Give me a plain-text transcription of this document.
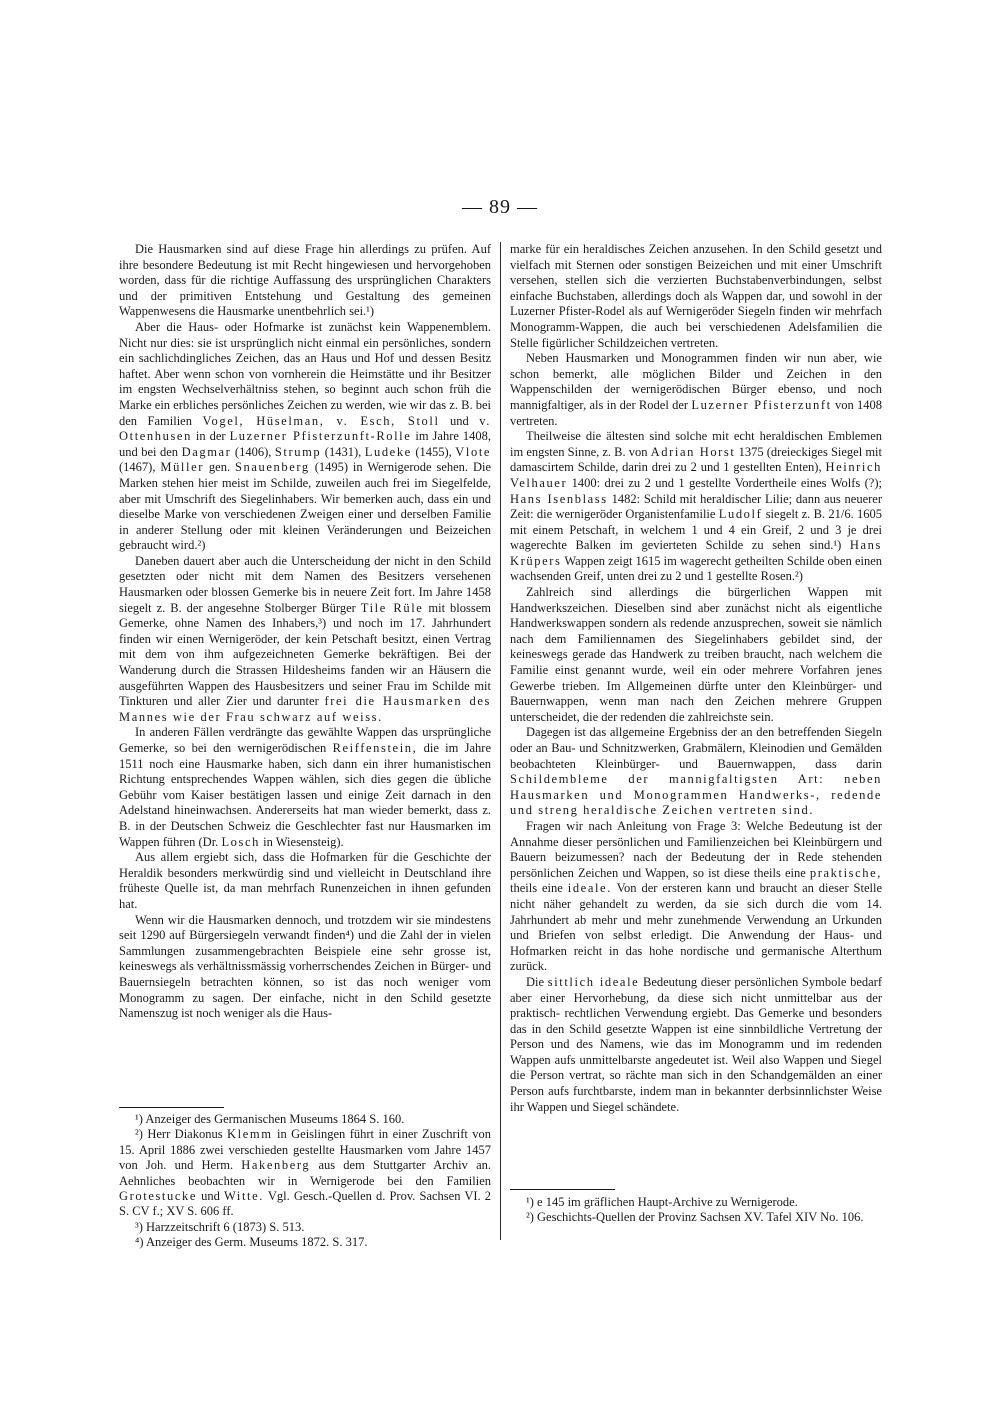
— 89 —

Die Hausmarken sind auf diese Frage hin allerdings zu prüfen. Auf ihre besondere Bedeutung ist mit Recht hingewiesen und hervorgehoben worden, dass für die richtige Auffassung des ursprünglichen Charakters und der primitiven Entstehung und Gestaltung des gemeinen Wappenwesens die Hausmarke unentbehrlich sei.¹)

Aber die Haus- oder Hofmarke ist zunächst kein Wappenemblem. Nicht nur dies: sie ist ursprünglich nicht einmal ein persönliches, sondern ein sachlichdingliches Zeichen, das an Haus und Hof und dessen Besitz haftet. Aber wenn schon von vornherein die Heimstätte und ihr Besitzer im engsten Wechselverhältniss stehen, so beginnt auch schon früh die Marke ein erbliches persönliches Zeichen zu werden, wie wir das z. B. bei den Familien Vogel, Hüselman, v. Esch, Stoll und v. Ottenhusen in der Luzerner Pfisterzunft-Rolle im Jahre 1408, und bei den Dagmar (1406), Strump (1431), Ludeke (1455), Vlote (1467), Müller gen. Snauenberg (1495) in Wernigerode sehen. Die Marken stehen hier meist im Schilde, zuweilen auch frei im Siegelfelde, aber mit Umschrift des Siegelinhabers. Wir bemerken auch, dass ein und dieselbe Marke von verschiedenen Zweigen einer und derselben Familie in anderer Stellung oder mit kleinen Veränderungen und Beizeichen gebraucht wird.²)

Daneben dauert aber auch die Unterscheidung der nicht in den Schild gesetzten oder nicht mit dem Namen des Besitzers versehenen Hausmarken oder blossen Gemerke bis in neuere Zeit fort. Im Jahre 1458 siegelt z. B. der angesehne Stolberger Bürger Tile Rüle mit blossem Gemerke, ohne Namen des Inhabers,³) und noch im 17. Jahrhundert finden wir einen Wernigeröder, der kein Petschaft besitzt, einen Vertrag mit dem von ihm aufgezeichneten Gemerke bekräftigen. Bei der Wanderung durch die Strassen Hildesheims fanden wir an Häusern die ausgeführten Wappen des Hausbesitzers und seiner Frau im Schilde mit Tinkturen und aller Zier und darunter frei die Hausmarken des Mannes wie der Frau schwarz auf weiss.

In anderen Fällen verdrängte das gewählte Wappen das ursprüngliche Gemerke, so bei den wernigerödischen Reiffenstein, die im Jahre 1511 noch eine Hausmarke haben, sich dann ein ihrer humanistischen Richtung entsprechendes Wappen wählen, sich dies gegen die übliche Gebühr vom Kaiser bestätigen lassen und einige Zeit darnach in den Adelstand hineinwachsen. Andererseits hat man wieder bemerkt, dass z. B. in der Deutschen Schweiz die Geschlechter fast nur Hausmarken im Wappen führen (Dr. Losch in Wiesensteig).

Aus allem ergiebt sich, dass die Hofmarken für die Geschichte der Heraldik besonders merkwürdig sind und vielleicht in Deutschland ihre früheste Quelle ist, da man mehrfach Runenzeichen in ihnen gefunden hat.

Wenn wir die Hausmarken dennoch, und trotzdem wir sie mindestens seit 1290 auf Bürgersiegeln verwandt finden⁴) und die Zahl der in vielen Sammlungen zusammengebrachten Beispiele eine sehr grosse ist, keineswegs als verhältnissmässig vorherrschendes Zeichen in Bürger- und Bauernsiegeln betrachten können, so ist das noch weniger vom Monogramm zu sagen. Der einfache, nicht in den Schild gesetzte Namenszug ist noch weniger als die Haus-

marke für ein heraldisches Zeichen anzusehen. In den Schild gesetzt und vielfach mit Sternen oder sonstigen Beizeichen und mit einer Umschrift versehen, stellen sich die verzierten Buchstabenverbindungen, selbst einfache Buchstaben, allerdings doch als Wappen dar, und sowohl in der Luzerner Pfister-Rodel als auf Wernigeröder Siegeln finden wir mehrfach Monogramm-Wappen, die auch bei verschiedenen Adelsfamilien die Stelle figürlicher Schildzeichen vertreten.

Neben Hausmarken und Monogrammen finden wir nun aber, wie schon bemerkt, alle möglichen Bilder und Zeichen in den Wappenschilden der wernigerödischen Bürger ebenso, und noch mannigfaltiger, als in der Rodel der Luzerner Pfisterzunft von 1408 vertreten.

Theilweise die ältesten sind solche mit echt heraldischen Emblemen im engsten Sinne, z. B. von Adrian Horst 1375 (dreieckiges Siegel mit damascirtem Schilde, darin drei zu 2 und 1 gestellten Enten), Heinrich Velhauer 1400: drei zu 2 und 1 gestellte Vordertheile eines Wolfs (?); Hans Isenblass 1482: Schild mit heraldischer Lilie; dann aus neuerer Zeit: die wernigeröder Organistenfamilie Ludolf siegelt z. B. 21/6. 1605 mit einem Petschaft, in welchem 1 und 4 ein Greif, 2 und 3 je drei wagerechte Balken im gevierteten Schilde zu sehen sind.¹) Hans Krüpers Wappen zeigt 1615 im wagerecht getheilten Schilde oben einen wachsenden Greif, unten drei zu 2 und 1 gestellte Rosen.²)

Zahlreich sind allerdings die bürgerlichen Wappen mit Handwerkszeichen. Dieselben sind aber zunächst nicht als eigentliche Handwerkswappen sondern als redende anzusprechen, soweit sie nämlich nach dem Familiennamen des Siegelinhabers gebildet sind, der keineswegs gerade das Handwerk zu treiben braucht, nach welchem die Familie einst genannt wurde, weil ein oder mehrere Vorfahren jenes Gewerbe trieben. Im Allgemeinen dürfte unter den Kleinbürger- und Bauernwappen, wenn man nach den Zeichen mehrere Gruppen unterscheidet, die der redenden die zahlreichste sein.

Dagegen ist das allgemeine Ergebniss der an den betreffenden Siegeln oder an Bau- und Schnitzwerken, Grabmälern, Kleinodien und Gemälden beobachteten Kleinbürger- und Bauernwappen, dass darin Schildembleme der mannigfaltigsten Art: neben Hausmarken und Monogrammen Handwerks-, redende und streng heraldische Zeichen vertreten sind.

Fragen wir nach Anleitung von Frage 3: Welche Bedeutung ist der Annahme dieser persönlichen und Familienzeichen bei Kleinbürgern und Bauern beizumessen? nach der Bedeutung der in Rede stehenden persönlichen Zeichen und Wappen, so ist diese theils eine praktische, theils eine ideale. Von der ersteren kann und braucht an dieser Stelle nicht näher gehandelt zu werden, da sie sich durch die vom 14. Jahrhundert ab mehr und mehr zunehmende Verwendung an Urkunden und Briefen von selbst erledigt. Die Anwendung der Haus- und Hofmarken reicht in das hohe nordische und germanische Alterthum zurück.

Die sittlich ideale Bedeutung dieser persönlichen Symbole bedarf aber einer Hervorhebung, da diese sich nicht unmittelbar aus der praktisch- rechtlichen Verwendung ergiebt. Das Gemerke und besonders das in den Schild gesetzte Wappen ist eine sinnbildliche Vertretung der Person und des Namens, wie das im Monogramm und im redenden Wappen aufs unmittelbarste angedeutet ist. Weil also Wappen und Siegel die Person vertrat, so rächte man sich in den Schandgemälden an einer Person aufs furchtbarste, indem man in bekannter derbsinnlichster Weise ihr Wappen und Siegel schändete.

¹) Anzeiger des Germanischen Museums 1864 S. 160.

²) Herr Diakonus Klemm in Geislingen führt in einer Zuschrift von 15. April 1886 zwei verschieden gestellte Hausmarken vom Jahre 1457 von Joh. und Herm. Hakenberg aus dem Stuttgarter Archiv an. Aehnliches beobachten wir in Wernigerode bei den Familien Grotestucke und Witte. Vgl. Gesch.-Quellen d. Prov. Sachsen VI. 2 S. CV f.; XV S. 606 ff.

³) Harzzeitschrift 6 (1873) S. 513.

⁴) Anzeiger des Germ. Museums 1872. S. 317.

¹) e 145 im gräflichen Haupt-Archive zu Wernigerode.

²) Geschichts-Quellen der Provinz Sachsen XV. Tafel XIV No. 106.
